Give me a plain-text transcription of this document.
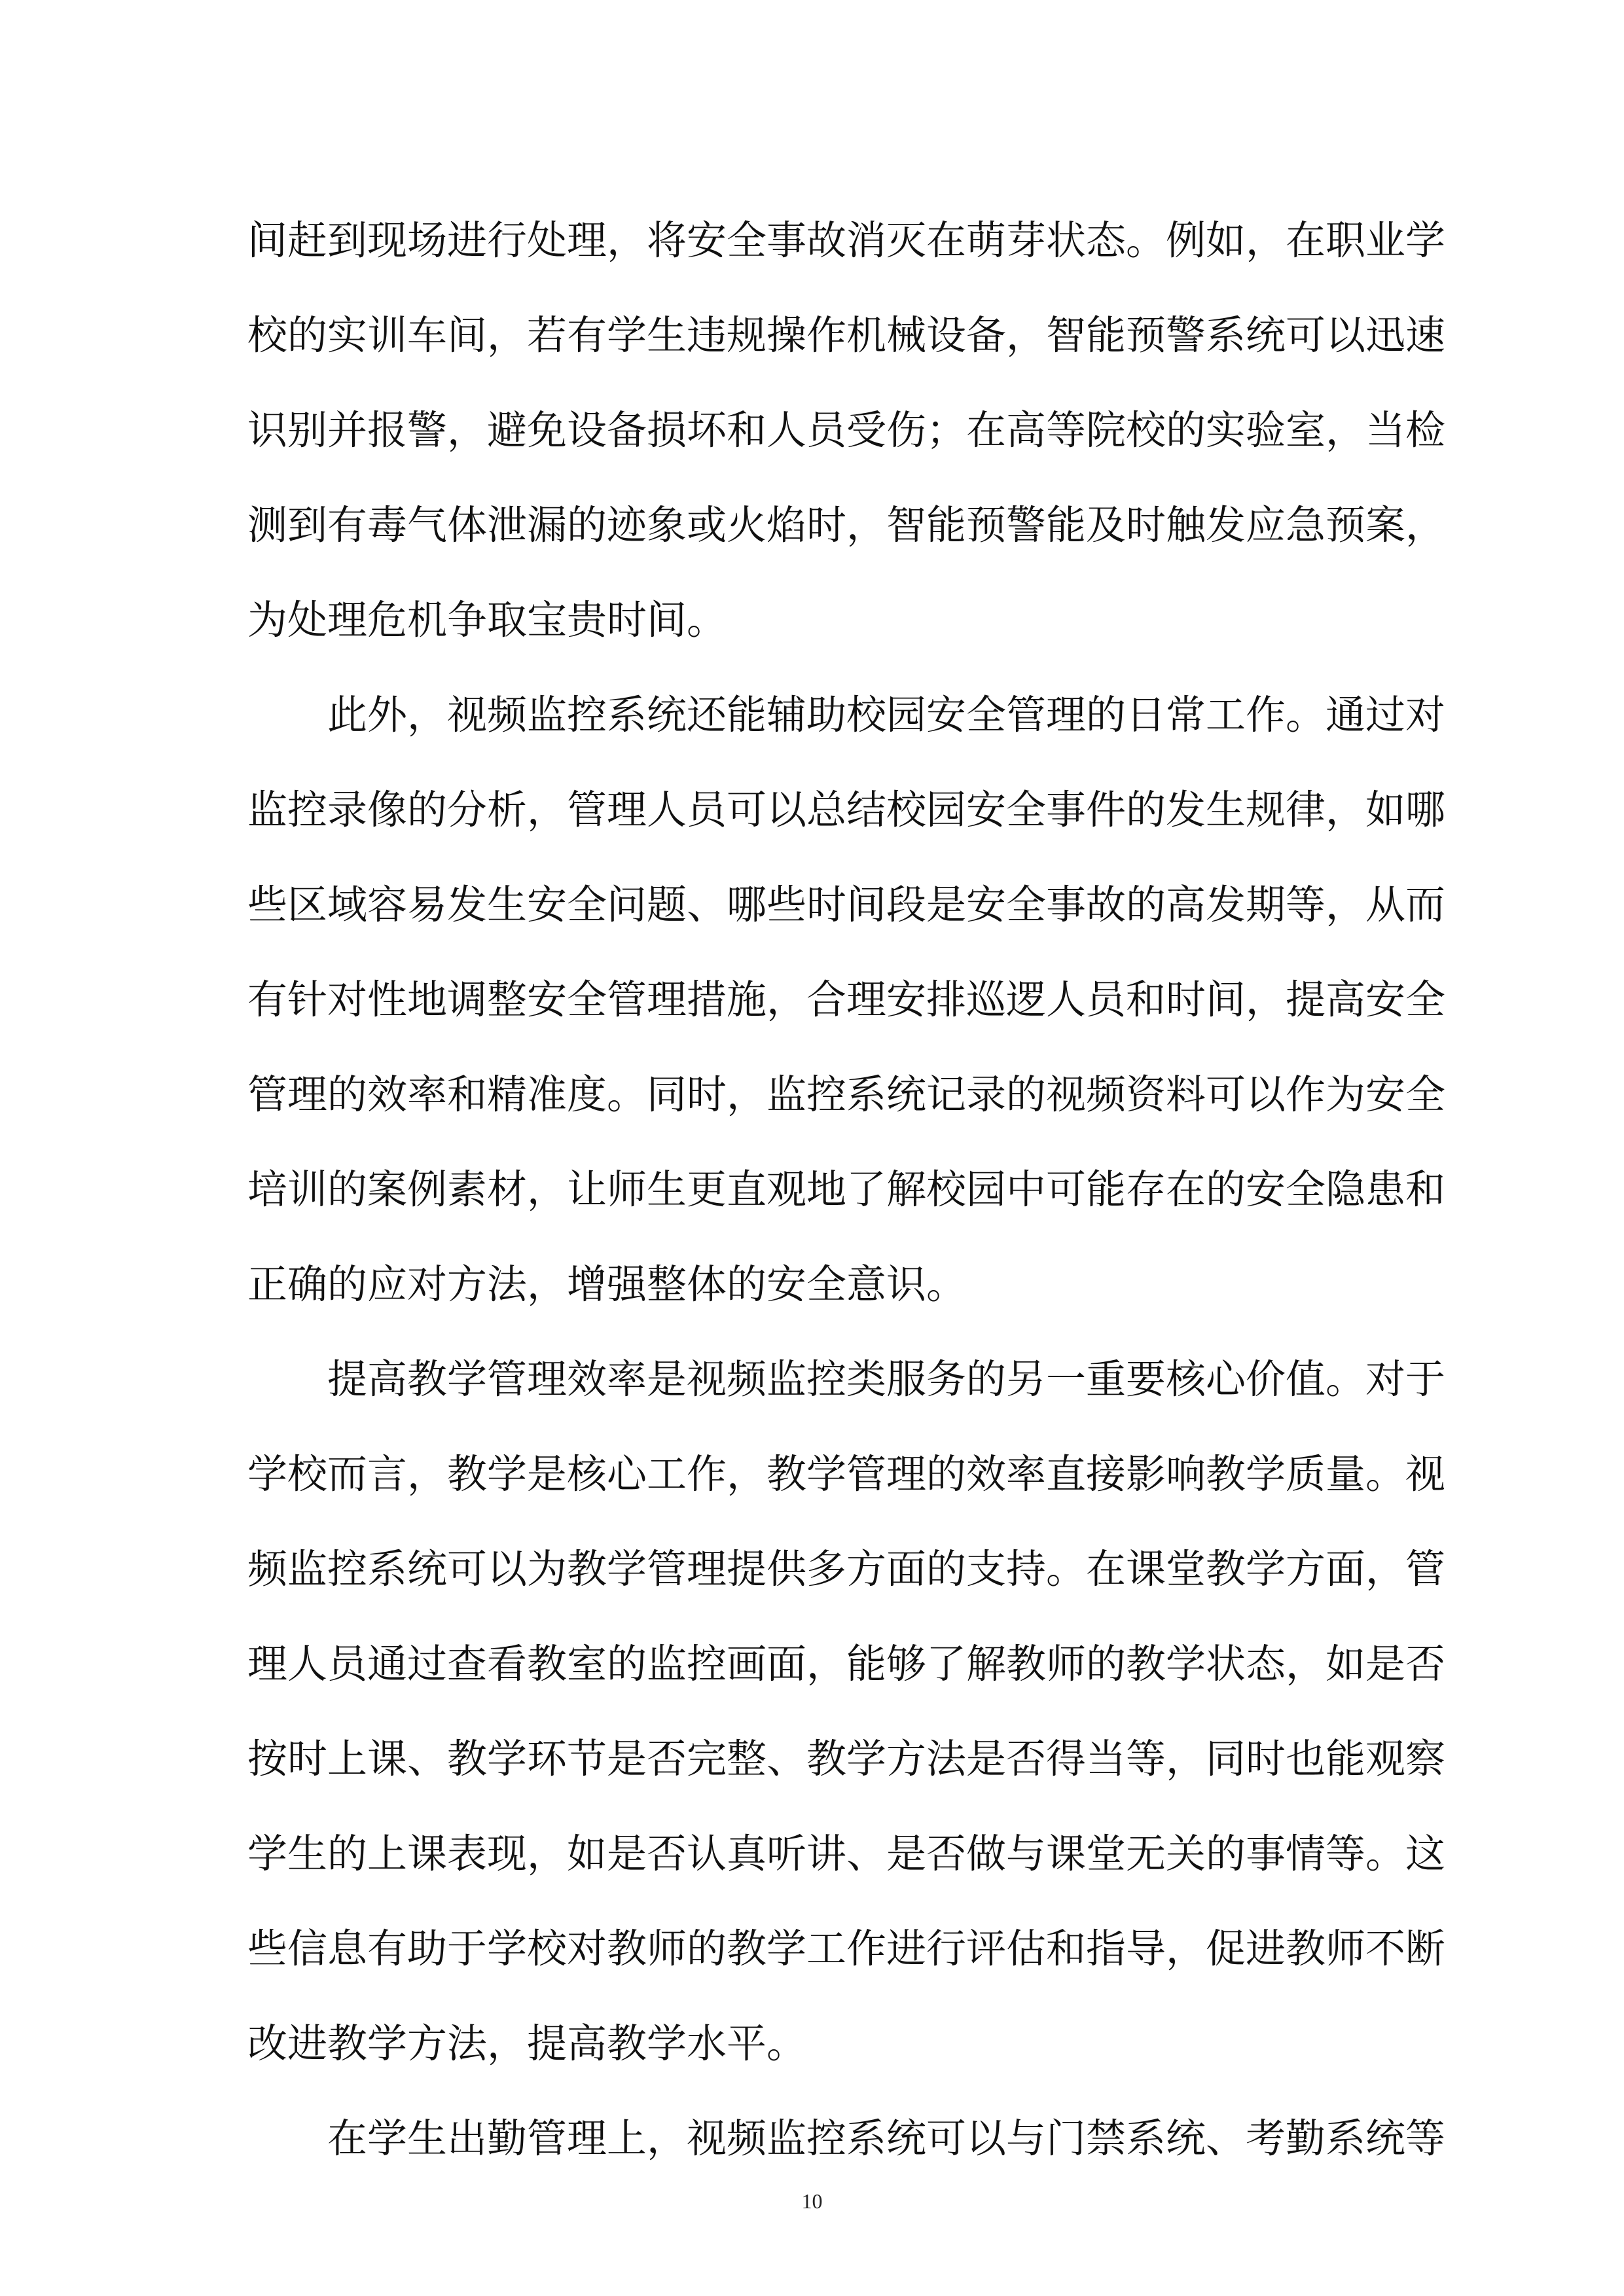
间赶到现场进行处理，将安全事故消灭在萌芽状态。例如，在职业学
校的实训车间，若有学生违规操作机械设备，智能预警系统可以迅速
识别并报警，避免设备损坏和人员受伤；在高等院校的实验室，当检
测到有毒气体泄漏的迹象或火焰时，智能预警能及时触发应急预案，
为处理危机争取宝贵时间。
此外，视频监控系统还能辅助校园安全管理的日常工作。通过对
监控录像的分析，管理人员可以总结校园安全事件的发生规律，如哪
些区域容易发生安全问题、哪些时间段是安全事故的高发期等，从而
有针对性地调整安全管理措施，合理安排巡逻人员和时间，提高安全
管理的效率和精准度。同时，监控系统记录的视频资料可以作为安全
培训的案例素材，让师生更直观地了解校园中可能存在的安全隐患和
正确的应对方法，增强整体的安全意识。
提高教学管理效率是视频监控类服务的另一重要核心价值。对于
学校而言，教学是核心工作，教学管理的效率直接影响教学质量。视
频监控系统可以为教学管理提供多方面的支持。在课堂教学方面，管
理人员通过查看教室的监控画面，能够了解教师的教学状态，如是否
按时上课、教学环节是否完整、教学方法是否得当等，同时也能观察
学生的上课表现，如是否认真听讲、是否做与课堂无关的事情等。这
些信息有助于学校对教师的教学工作进行评估和指导，促进教师不断
改进教学方法，提高教学水平。
在学生出勤管理上，视频监控系统可以与门禁系统、考勤系统等
10
